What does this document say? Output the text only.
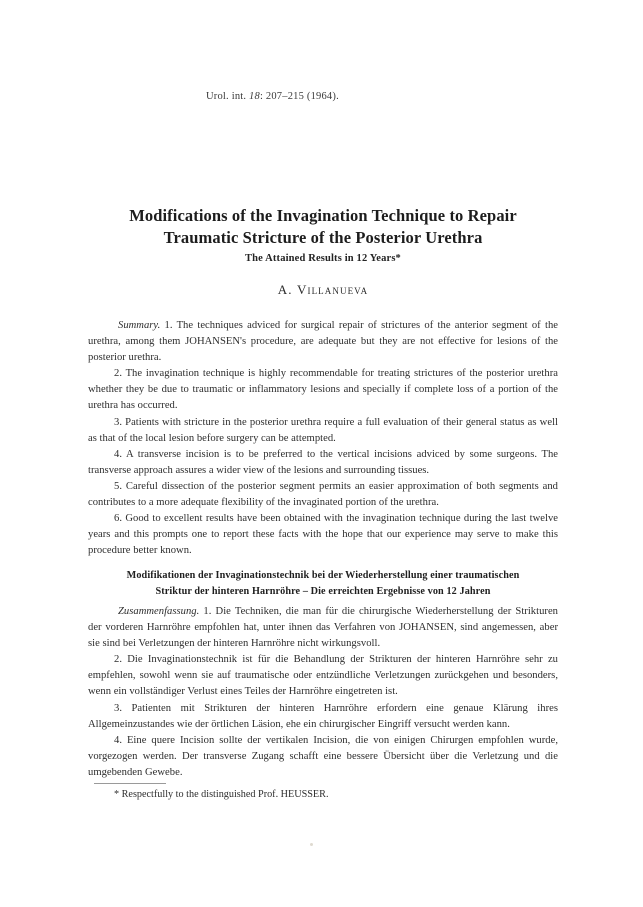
Urol. int. 18: 207–215 (1964).
Modifications of the Invagination Technique to Repair
Traumatic Stricture of the Posterior Urethra
The Attained Results in 12 Years*
A. Villanueva

Summary. 1. The techniques adviced for surgical repair of strictures of the anterior segment of the urethra, among them JOHANSEN's procedure, are adequate but they are not effective for lesions of the posterior urethra.

2. The invagination technique is highly recommendable for treating strictures of the posterior urethra whether they be due to traumatic or inflammatory lesions and specially if complete loss of a portion of the urethra has occurred.

3. Patients with stricture in the posterior urethra require a full evaluation of their general status as well as that of the local lesion before surgery can be attempted.

4. A transverse incision is to be preferred to the vertical incisions adviced by some surgeons. The transverse approach assures a wider view of the lesions and surrounding tissues.

5. Careful dissection of the posterior segment permits an easier approximation of both segments and contributes to a more adequate flexibility of the invaginated portion of the urethra.

6. Good to excellent results have been obtained with the invagination technique during the last twelve years and this prompts one to report these facts with the hope that our experience may serve to make this procedure better known.

Modifikationen der Invaginationstechnik bei der Wiederherstellung einer traumatischen
Striktur der hinteren Harnröhre – Die erreichten Ergebnisse von 12 Jahren

Zusammenfassung. 1. Die Techniken, die man für die chirurgische Wiederherstellung der Strikturen der vorderen Harnröhre empfohlen hat, unter ihnen das Verfahren von JOHANSEN, sind angemessen, aber sie sind bei Verletzungen der hinteren Harnröhre nicht wirkungsvoll.

2. Die Invaginationstechnik ist für die Behandlung der Strikturen der hinteren Harnröhre sehr zu empfehlen, sowohl wenn sie auf traumatische oder entzündliche Verletzungen zurückgehen und besonders, wenn ein vollständiger Verlust eines Teiles der Harnröhre eingetreten ist.

3. Patienten mit Strikturen der hinteren Harnröhre erfordern eine genaue Klärung ihres Allgemeinzustandes wie der örtlichen Läsion, ehe ein chirurgischer Eingriff versucht werden kann.

4. Eine quere Incision sollte der vertikalen Incision, die von einigen Chirurgen empfohlen wurde, vorgezogen werden. Der transverse Zugang schafft eine bessere Übersicht über die Verletzung und die umgebenden Gewebe.

* Respectfully to the distinguished Prof. HEUSSER.
